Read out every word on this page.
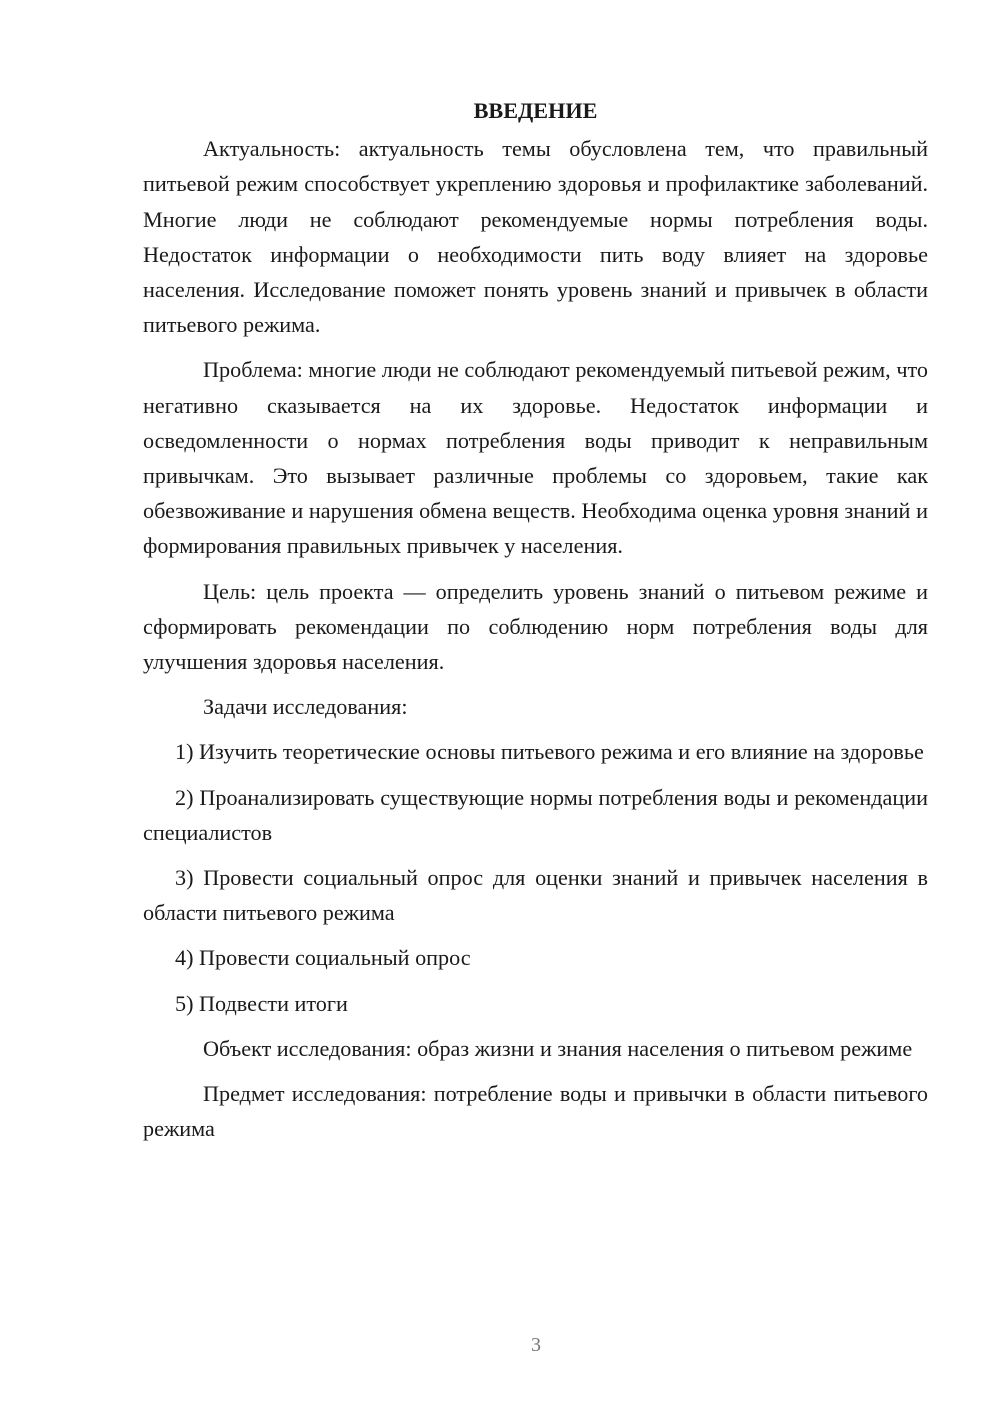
ВВЕДЕНИЕ

Актуальность: актуальность темы обусловлена тем, что правильный питьевой режим способствует укреплению здоровья и профилактике заболеваний. Многие люди не соблюдают рекомендуемые нормы потребления воды. Недостаток информации о необходимости пить воду влияет на здоровье населения. Исследование поможет понять уровень знаний и привычек в области питьевого режима.

Проблема: многие люди не соблюдают рекомендуемый питьевой режим, что негативно сказывается на их здоровье. Недостаток информации и осведомленности о нормах потребления воды приводит к неправильным привычкам. Это вызывает различные проблемы со здоровьем, такие как обезвоживание и нарушения обмена веществ. Необходима оценка уровня знаний и формирования правильных привычек у населения.

Цель: цель проекта — определить уровень знаний о питьевом режиме и сформировать рекомендации по соблюдению норм потребления воды для улучшения здоровья населения.

Задачи исследования:

1) Изучить теоретические основы питьевого режима и его влияние на здоровье

2) Проанализировать существующие нормы потребления воды и рекомендации специалистов

3) Провести социальный опрос для оценки знаний и привычек населения в области питьевого режима

4) Провести социальный опрос

5) Подвести итоги

Объект исследования: образ жизни и знания населения о питьевом режиме

Предмет исследования: потребление воды и привычки в области питьевого режима

3
